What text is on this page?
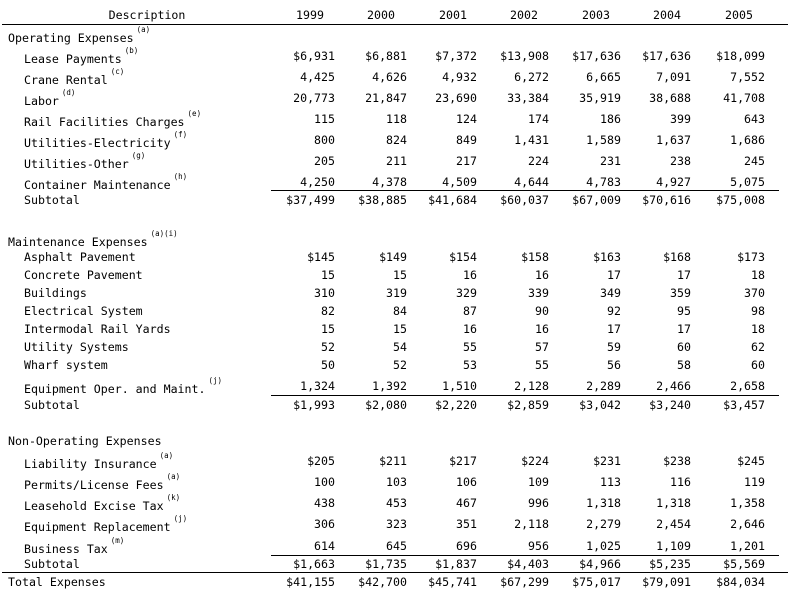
Description	1999	2000	2001	2002	2003	2004	2005
Operating Expenses$^{(a)}$
Lease Payments$^{(b)}$	$6,931	$6,881	$7,372	$13,908	$17,636	$17,636	$18,099
Crane Rental$^{(c)}$	4,425	4,626	4,932	6,272	6,665	7,091	7,552
Labor$^{(d)}$	20,773	21,847	23,690	33,384	35,919	38,688	41,708
Rail Facilities Charges$^{(e)}$	115	118	124	174	186	399	643
Utilities-Electricity$^{(f)}$	800	824	849	1,431	1,589	1,637	1,686
Utilities-Other$^{(g)}$	205	211	217	224	231	238	245
Container Maintenance$^{(h)}$	4,250	4,378	4,509	4,644	4,783	4,927	5,075
Subtotal	$37,499	$38,885	$41,684	$60,037	$67,009	$70,616	$75,008
Maintenance Expenses$^{(a)(i)}$
Asphalt Pavement	$145	$149	$154	$158	$163	$168	$173
Concrete Pavement	15	15	16	16	17	17	18
Buildings	310	319	329	339	349	359	370
Electrical System	82	84	87	90	92	95	98
Intermodal Rail Yards	15	15	16	16	17	17	18
Utility Systems	52	54	55	57	59	60	62
Wharf system	50	52	53	55	56	58	60
Equipment Oper. and Maint.$^{(j)}$	1,324	1,392	1,510	2,128	2,289	2,466	2,658
Subtotal	$1,993	$2,080	$2,220	$2,859	$3,042	$3,240	$3,457
Non-Operating Expenses
Liability Insurance$^{(a)}$	$205	$211	$217	$224	$231	$238	$245
Permits/License Fees$^{(a)}$	100	103	106	109	113	116	119
Leasehold Excise Tax$^{(k)}$	438	453	467	996	1,318	1,318	1,358
Equipment Replacement$^{(j)}$	306	323	351	2,118	2,279	2,454	2,646
Business Tax$^{(m)}$	614	645	696	956	1,025	1,109	1,201
Subtotal	$1,663	$1,735	$1,837	$4,403	$4,966	$5,235	$5,569
Total Expenses	$41,155	$42,700	$45,741	$67,299	$75,017	$79,091	$84,034
